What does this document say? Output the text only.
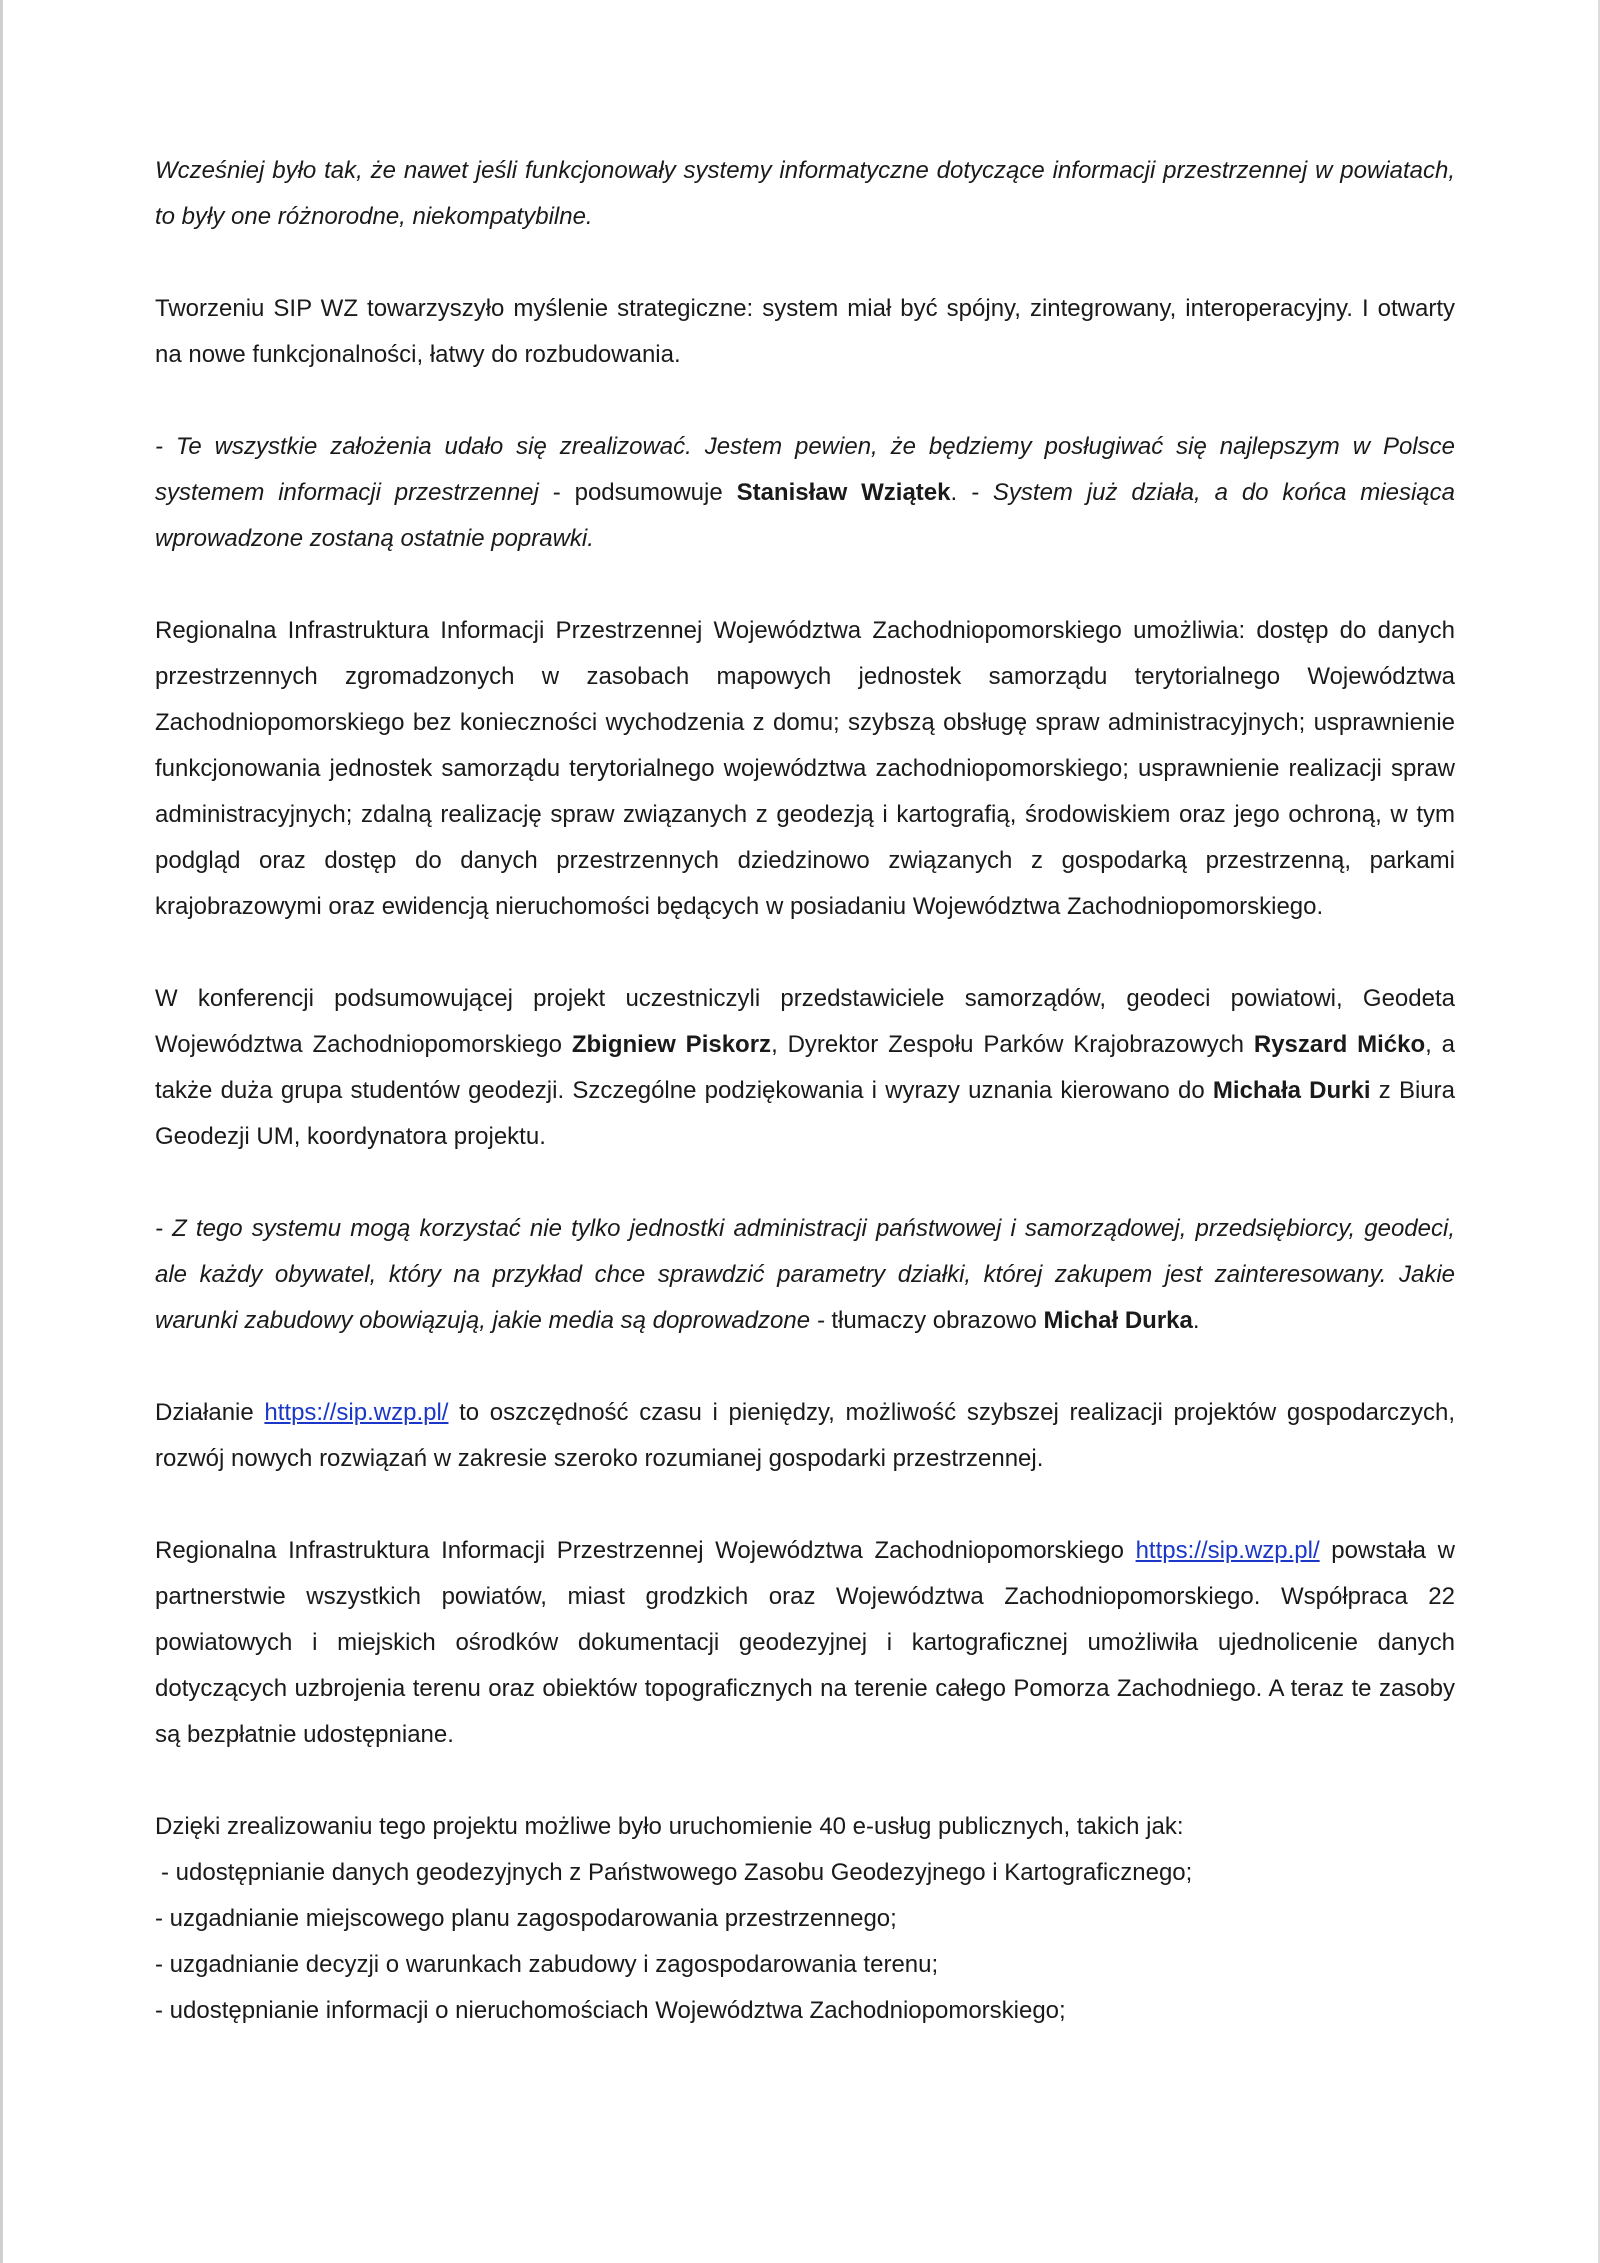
Wcześniej było tak, że nawet jeśli funkcjonowały systemy informatyczne dotyczące informacji przestrzennej w powiatach, to były one różnorodne, niekompatybilne.

Tworzeniu SIP WZ towarzyszyło myślenie strategiczne: system miał być spójny, zintegrowany, interoperacyjny. I otwarty na nowe funkcjonalności, łatwy do rozbudowania.

- Te wszystkie założenia udało się zrealizować. Jestem pewien, że będziemy posługiwać się najlepszym w Polsce systemem informacji przestrzennej - podsumowuje Stanisław Wziątek. - System już działa, a do końca miesiąca wprowadzone zostaną ostatnie poprawki.

Regionalna Infrastruktura Informacji Przestrzennej Województwa Zachodniopomorskiego umożliwia: dostęp do danych przestrzennych zgromadzonych w zasobach mapowych jednostek samorządu terytorialnego Województwa Zachodniopomorskiego bez konieczności wychodzenia z domu; szybszą obsługę spraw administracyjnych; usprawnienie funkcjonowania jednostek samorządu terytorialnego województwa zachodniopomorskiego; usprawnienie realizacji spraw administracyjnych; zdalną realizację spraw związanych z geodezją i kartografią, środowiskiem oraz jego ochroną, w tym podgląd oraz dostęp do danych przestrzennych dziedzinowo związanych z gospodarką przestrzenną, parkami krajobrazowymi oraz ewidencją nieruchomości będących w posiadaniu Województwa Zachodniopomorskiego.

W konferencji podsumowującej projekt uczestniczyli przedstawiciele samorządów, geodeci powiatowi, Geodeta Województwa Zachodniopomorskiego Zbigniew Piskorz, Dyrektor Zespołu Parków Krajobrazowych Ryszard Mićko, a także duża grupa studentów geodezji. Szczególne podziękowania i wyrazy uznania kierowano do Michała Durki z Biura Geodezji UM, koordynatora projektu.

- Z tego systemu mogą korzystać nie tylko jednostki administracji państwowej i samorządowej, przedsiębiorcy, geodeci, ale każdy obywatel, który na przykład chce sprawdzić parametry działki, której zakupem jest zainteresowany. Jakie warunki zabudowy obowiązują, jakie media są doprowadzone - tłumaczy obrazowo Michał Durka.

Działanie https://sip.wzp.pl/ to oszczędność czasu i pieniędzy, możliwość szybszej realizacji projektów gospodarczych, rozwój nowych rozwiązań w zakresie szeroko rozumianej gospodarki przestrzennej.

Regionalna Infrastruktura Informacji Przestrzennej Województwa Zachodniopomorskiego https://sip.wzp.pl/ powstała w partnerstwie wszystkich powiatów, miast grodzkich oraz Województwa Zachodniopomorskiego. Współpraca 22 powiatowych i miejskich ośrodków dokumentacji geodezyjnej i kartograficznej umożliwiła ujednolicenie danych dotyczących uzbrojenia terenu oraz obiektów topograficznych na terenie całego Pomorza Zachodniego. A teraz te zasoby są bezpłatnie udostępniane.

Dzięki zrealizowaniu tego projektu możliwe było uruchomienie 40 e-usług publicznych, takich jak:

- udostępnianie danych geodezyjnych z Państwowego Zasobu Geodezyjnego i Kartograficznego;
- uzgadnianie miejscowego planu zagospodarowania przestrzennego;
- uzgadnianie decyzji o warunkach zabudowy i zagospodarowania terenu;
- udostępnianie informacji o nieruchomościach Województwa Zachodniopomorskiego;
